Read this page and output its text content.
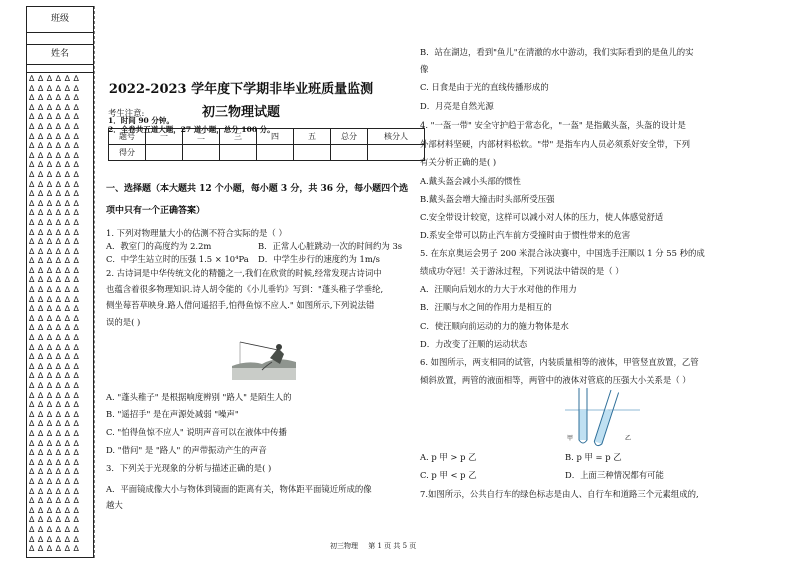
班级
姓名
∆ ∆ ∆ ∆ ∆ ∆
∆ ∆ ∆ ∆ ∆ ∆
∆ ∆ ∆ ∆ ∆ ∆
∆ ∆ ∆ ∆ ∆ ∆
∆ ∆ ∆ ∆ ∆ ∆
∆ ∆ ∆ ∆ ∆ ∆
∆ ∆ ∆ ∆ ∆ ∆
∆ ∆ ∆ ∆ ∆ ∆
∆ ∆ ∆ ∆ ∆ ∆
∆ ∆ ∆ ∆ ∆ ∆
∆ ∆ ∆ ∆ ∆ ∆
∆ ∆ ∆ ∆ ∆ ∆
∆ ∆ ∆ ∆ ∆ ∆
∆ ∆ ∆ ∆ ∆ ∆
∆ ∆ ∆ ∆ ∆ ∆
∆ ∆ ∆ ∆ ∆ ∆
∆ ∆ ∆ ∆ ∆ ∆
∆ ∆ ∆ ∆ ∆ ∆
∆ ∆ ∆ ∆ ∆ ∆
∆ ∆ ∆ ∆ ∆ ∆
∆ ∆ ∆ ∆ ∆ ∆
∆ ∆ ∆ ∆ ∆ ∆
∆ ∆ ∆ ∆ ∆ ∆
∆ ∆ ∆ ∆ ∆ ∆
∆ ∆ ∆ ∆ ∆ ∆
∆ ∆ ∆ ∆ ∆ ∆
∆ ∆ ∆ ∆ ∆ ∆
∆ ∆ ∆ ∆ ∆ ∆
∆ ∆ ∆ ∆ ∆ ∆
∆ ∆ ∆ ∆ ∆ ∆
∆ ∆ ∆ ∆ ∆ ∆
∆ ∆ ∆ ∆ ∆ ∆
∆ ∆ ∆ ∆ ∆ ∆
∆ ∆ ∆ ∆ ∆ ∆
∆ ∆ ∆ ∆ ∆ ∆
∆ ∆ ∆ ∆ ∆ ∆
∆ ∆ ∆ ∆ ∆ ∆
∆ ∆ ∆ ∆ ∆ ∆
∆ ∆ ∆ ∆ ∆ ∆
∆ ∆ ∆ ∆ ∆ ∆
∆ ∆ ∆ ∆ ∆ ∆
∆ ∆ ∆ ∆ ∆ ∆
∆ ∆ ∆ ∆ ∆ ∆
∆ ∆ ∆ ∆ ∆ ∆
∆ ∆ ∆ ∆ ∆ ∆
∆ ∆ ∆ ∆ ∆ ∆
∆ ∆ ∆ ∆ ∆ ∆
∆ ∆ ∆ ∆ ∆ ∆
∆ ∆ ∆ ∆ ∆ ∆
∆ ∆ ∆ ∆ ∆ ∆
2022-2023 学年度下学期非毕业班质量监测
初三物理试题
考生注意:
1．时间 90 分钟。
题号	一	二	三	四	五	总分	核分人
得分							
一、选择题（本大题共 12 个小题，每小题 3 分，共 36 分，每小题四个选
项中只有一个正确答案）
1. 下列对物理量大小的估测不符合实际的是（ ）
A．教室门的高度约为 2.2m	B．正常人心脏跳动一次的时间约为 3s
C．中学生站立时的压强 1.5 × 10⁴Pa D．中学生步行的速度约为 1m/s
2. 古诗词是中华传统文化的精髓之一,我们在欣赏的时候,经常发现古诗词中
也蕴含着很多物理知识.诗人胡令能的《小儿垂钓》写到："蓬头稚子学垂纶,
侧坐莓苔草映身.路人借问遥招手,怕得鱼惊不应人." 如图所示,下列说法错
误的是( )
A. "蓬头稚子" 是根据响度辨别 "路人" 是陌生人的
B. "遥招手" 是在声源处减弱 "噪声"
C. "怕得鱼惊不应人" 说明声音可以在液体中传播
D. "借问" 是 "路人" 的声带振动产生的声音
3．下列关于光现象的分析与描述正确的是( )
A．平面镜成像大小与物体到镜面的距离有关，物体距平面镜近所成的像
越大
B．站在湖边，看到"鱼儿"在清澈的水中游动，我们实际看到的是鱼儿的实
像
C. 日食是由于光的直线传播形成的
D．月亮是自然光源
4. "一盔一带" 安全守护趋于常态化，"一盔" 是指戴头盔，头盔的设计是
外部材料坚硬，内部材料松软。"带" 是指车内人员必须系好安全带，下列
有关分析正确的是( )
A.戴头盔会减小头部的惯性
B.戴头盔会增大撞击时头部所受压强
C.安全带设计较宽，这样可以减小对人体的压力，使人体感觉舒适
D.系安全带可以防止汽车前方受撞时由于惯性带来的危害
5. 在东京奥运会男子 200 米混合泳决赛中，中国选手汪顺以 1 分 55 秒的成
绩成功夺冠！关于游泳过程，下列说法中错误的是（ ）
A．汪顺向后划水的力大于水对他的作用力
B．汪顺与水之间的作用力是相互的
C．使汪顺向前运动的力的施力物体是水
D．力改变了汪顺的运动状态
6. 如图所示，两支相同的试管，内装质量相等的液体，甲管竖直放置，乙管
倾斜放置，两管的液面相等，两管中的液体对管底的压强大小关系是（ ）
甲	乙
A. p 甲 > p 乙	B. p 甲 = p 乙
C. p 甲 < p 乙	D．上面三种情况都有可能
7.如图所示，公共自行车的绿色标志是由人、自行车和道路三个元素组成的,
初三物理 第 1 页 共 5 页
2．全卷共五道大题，27 道小题，总分 100 分。
